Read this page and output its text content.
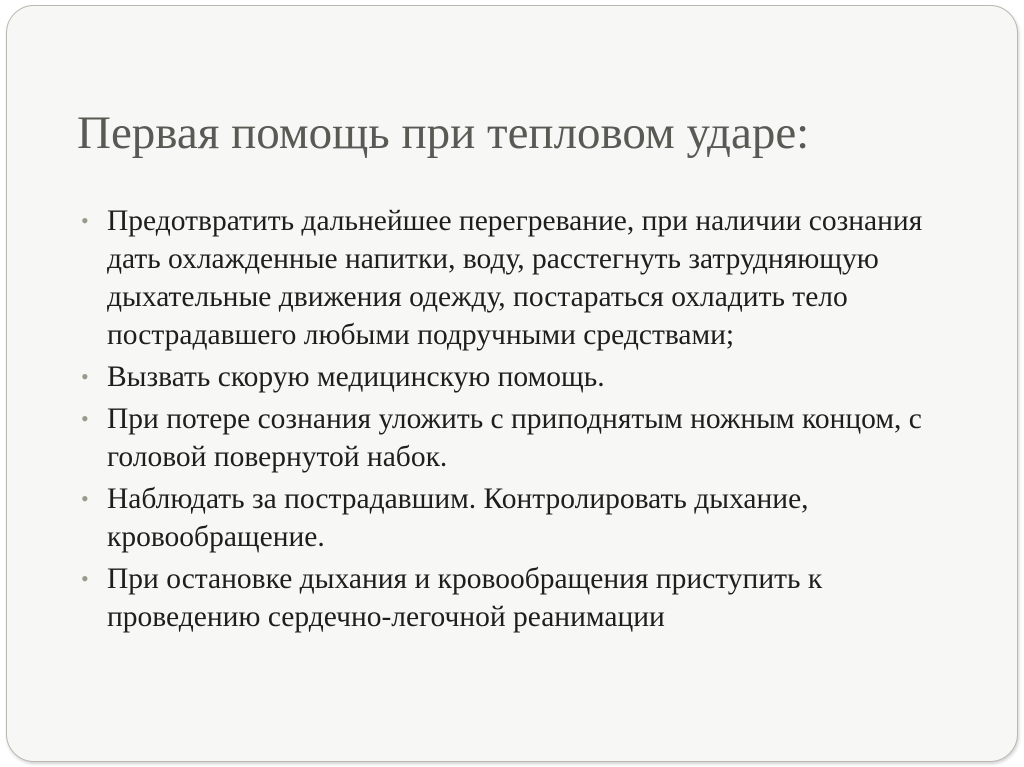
Первая помощь при тепловом ударе:
• Предотвратить дальнейшее перегревание, при наличии сознания дать охлажденные напитки, воду, расстегнуть затрудняющую дыхательные движения одежду, постараться охладить тело пострадавшего любыми подручными средствами;
• Вызвать скорую медицинскую помощь.
• При потере сознания уложить с приподнятым ножным концом, с головой повернутой набок.
• Наблюдать за пострадавшим. Контролировать дыхание, кровообращение.
• При остановке дыхания и кровообращения приступить к проведению сердечно-легочной реанимации
